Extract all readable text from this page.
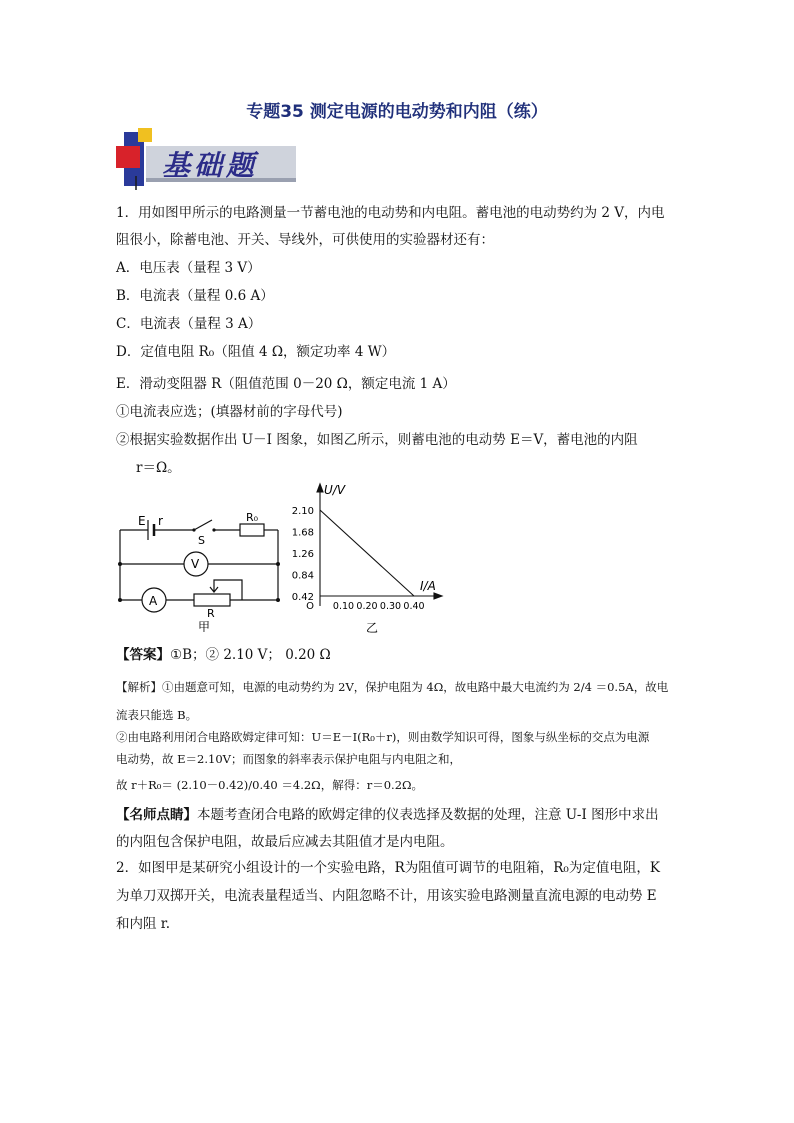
专题35 测定电源的电动势和内阻（练）
基础题
1．用如图甲所示的电路测量一节蓄电池的电动势和内电阻。蓄电池的电动势约为 2 V，内电
阻很小，除蓄电池、开关、导线外，可供使用的实验器材还有：
A．电压表（量程 3 V）
B．电流表（量程 0.6 A）
C．电流表（量程 3 A）
D．定值电阻 R₀（阻值 4 Ω，额定功率 4 W）
E．滑动变阻器 R（阻值范围 0－20 Ω，额定电流 1 A）
①电流表应选；(填器材前的字母代号)
②根据实验数据作出 U－I 图象，如图乙所示，则蓄电池的电动势 E＝V，蓄电池的内阻
r＝Ω。
E r
S
R₀
V
A
R
甲
U/V
I/A
O
2.10
1.68
1.26
0.84
0.42
0.10 0.20 0.30 0.40
乙
【答案】①B；② 2.10 V； 0.20 Ω
【解析】①由题意可知，电源的电动势约为 2V，保护电阻为 4Ω，故电路中最大电流约为 2/4 ＝0.5A，故电
流表只能选 B。
②由电路利用闭合电路欧姆定律可知：U＝E－I(R₀＋r)，则由数学知识可得，图象与纵坐标的交点为电源
电动势，故 E＝2.10V；而图象的斜率表示保护电阻与内电阻之和，
故 r＋R₀＝ (2.10－0.42)/0.40 ＝4.2Ω，解得：r＝0.2Ω。
【名师点睛】本题考查闭合电路的欧姆定律的仪表选择及数据的处理，注意 U-I 图形中求出
的内阻包含保护电阻，故最后应减去其阻值才是内电阻。
2．如图甲是某研究小组设计的一个实验电路，R为阻值可调节的电阻箱，R₀为定值电阻，K
为单刀双掷开关，电流表量程适当、内阻忽略不计，用该实验电路测量直流电源的电动势 E
和内阻 r.
